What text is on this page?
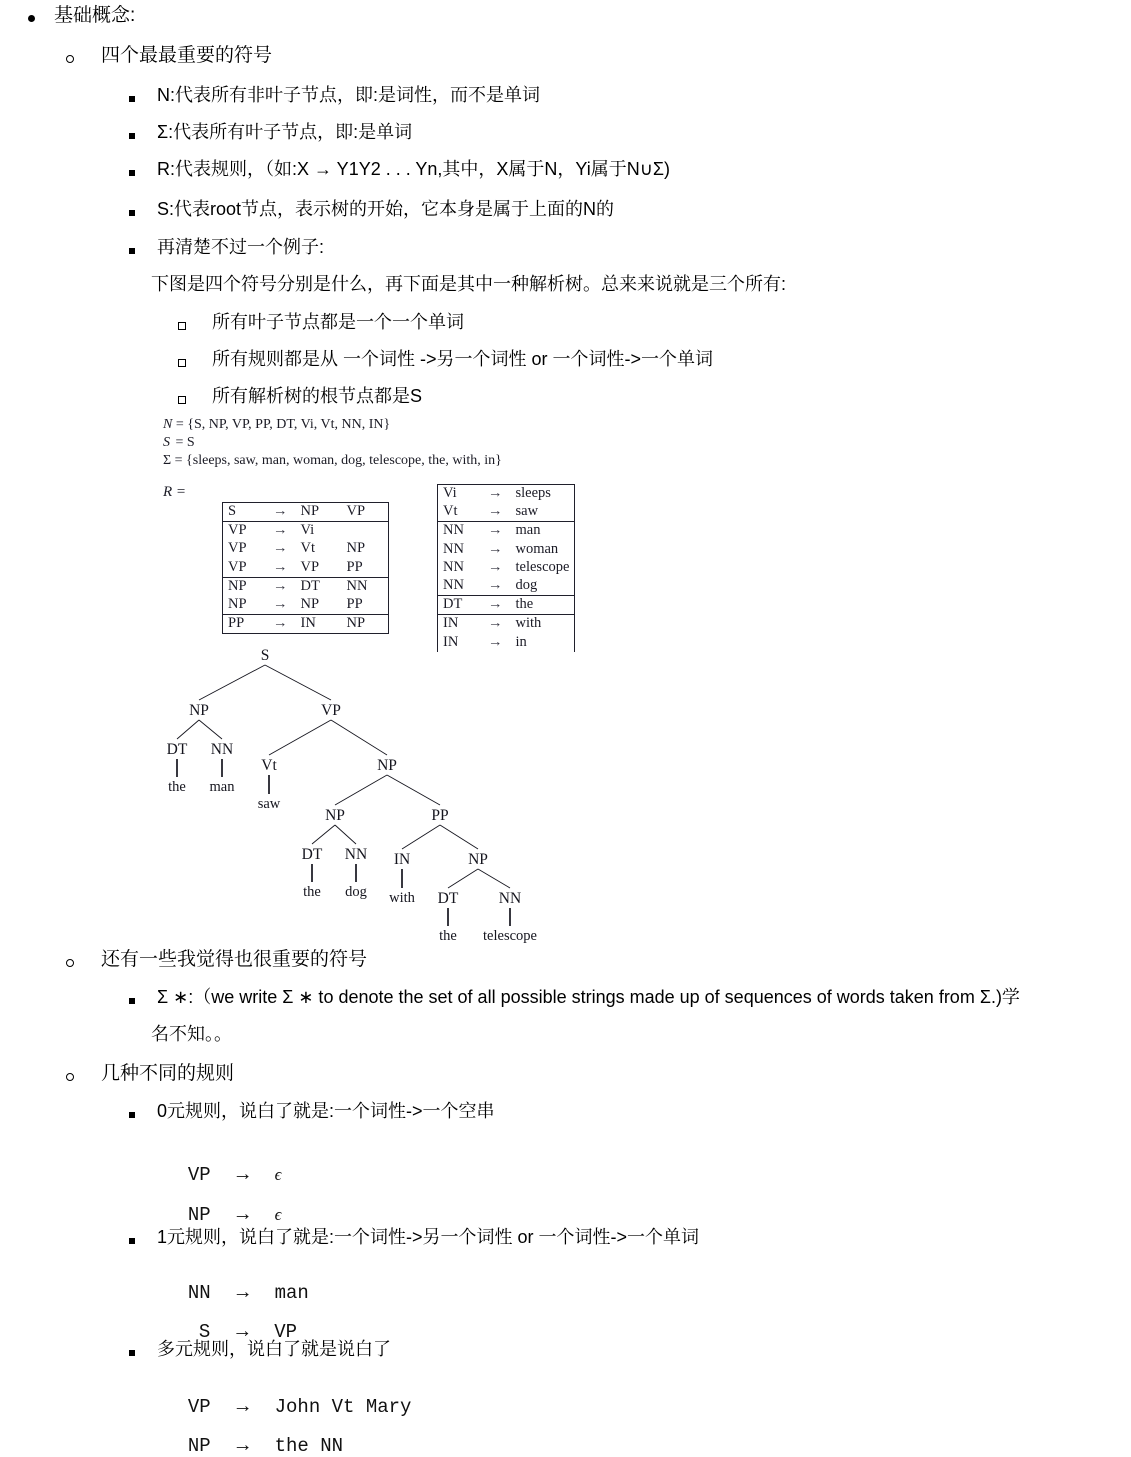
基础概念:
四个最最重要的符号
N:代表所有非叶子节点，即:是词性，而不是单词
Σ:代表所有叶子节点，即:是单词
R:代表规则，（如:X → Y1Y2 . . . Yn,其中，X属于N，Yi属于N∪Σ)
S:代表root节点，表示树的开始，它本身是属于上面的N的
再清楚不过一个例子:
下图是四个符号分别是什么，再下面是其中一种解析树。总来来说就是三个所有:
所有叶子节点都是一个一个单词
所有规则都是从 一个词性 ->另一个词性 or 一个词性->一个单词
所有解析树的根节点都是S
N = {S, NP, VP, PP, DT, Vi, Vt, NN, IN}
S = S
Σ = {sleeps, saw, man, woman, dog, telescope, the, with, in}
R =
S	→	NP	VP
VP	→	Vi	
VP	→	Vt	NP
VP	→	VP	PP
NP	→	DT	NN
NP	→	NP	PP
PP	→	IN	NP
Vi	→	sleeps
Vt	→	saw
NN	→	man
NN	→	woman
NN	→	telescope
NN	→	dog
DT	→	the
IN	→	with
IN	→	in
S
NP	VP
DT NN
the man
Vt
saw
NP
NP	PP
DT NN
the dog
IN
with
NP
DT	NN
the telescope
还有一些我觉得也很重要的符号
Σ ∗:（we write Σ ∗ to denote the set of all possible strings made up of sequences of words taken from Σ.)学
名不知。。
几种不同的规则
0元规则，说白了就是:一个词性->一个空串

VP → ϵ

NP → ϵ

1元规则，说白了就是:一个词性->另一个词性 or 一个词性->一个单词

NN → man

S → VP

多元规则，说白了就是说白了

VP → John Vt Mary

NP → the NN
